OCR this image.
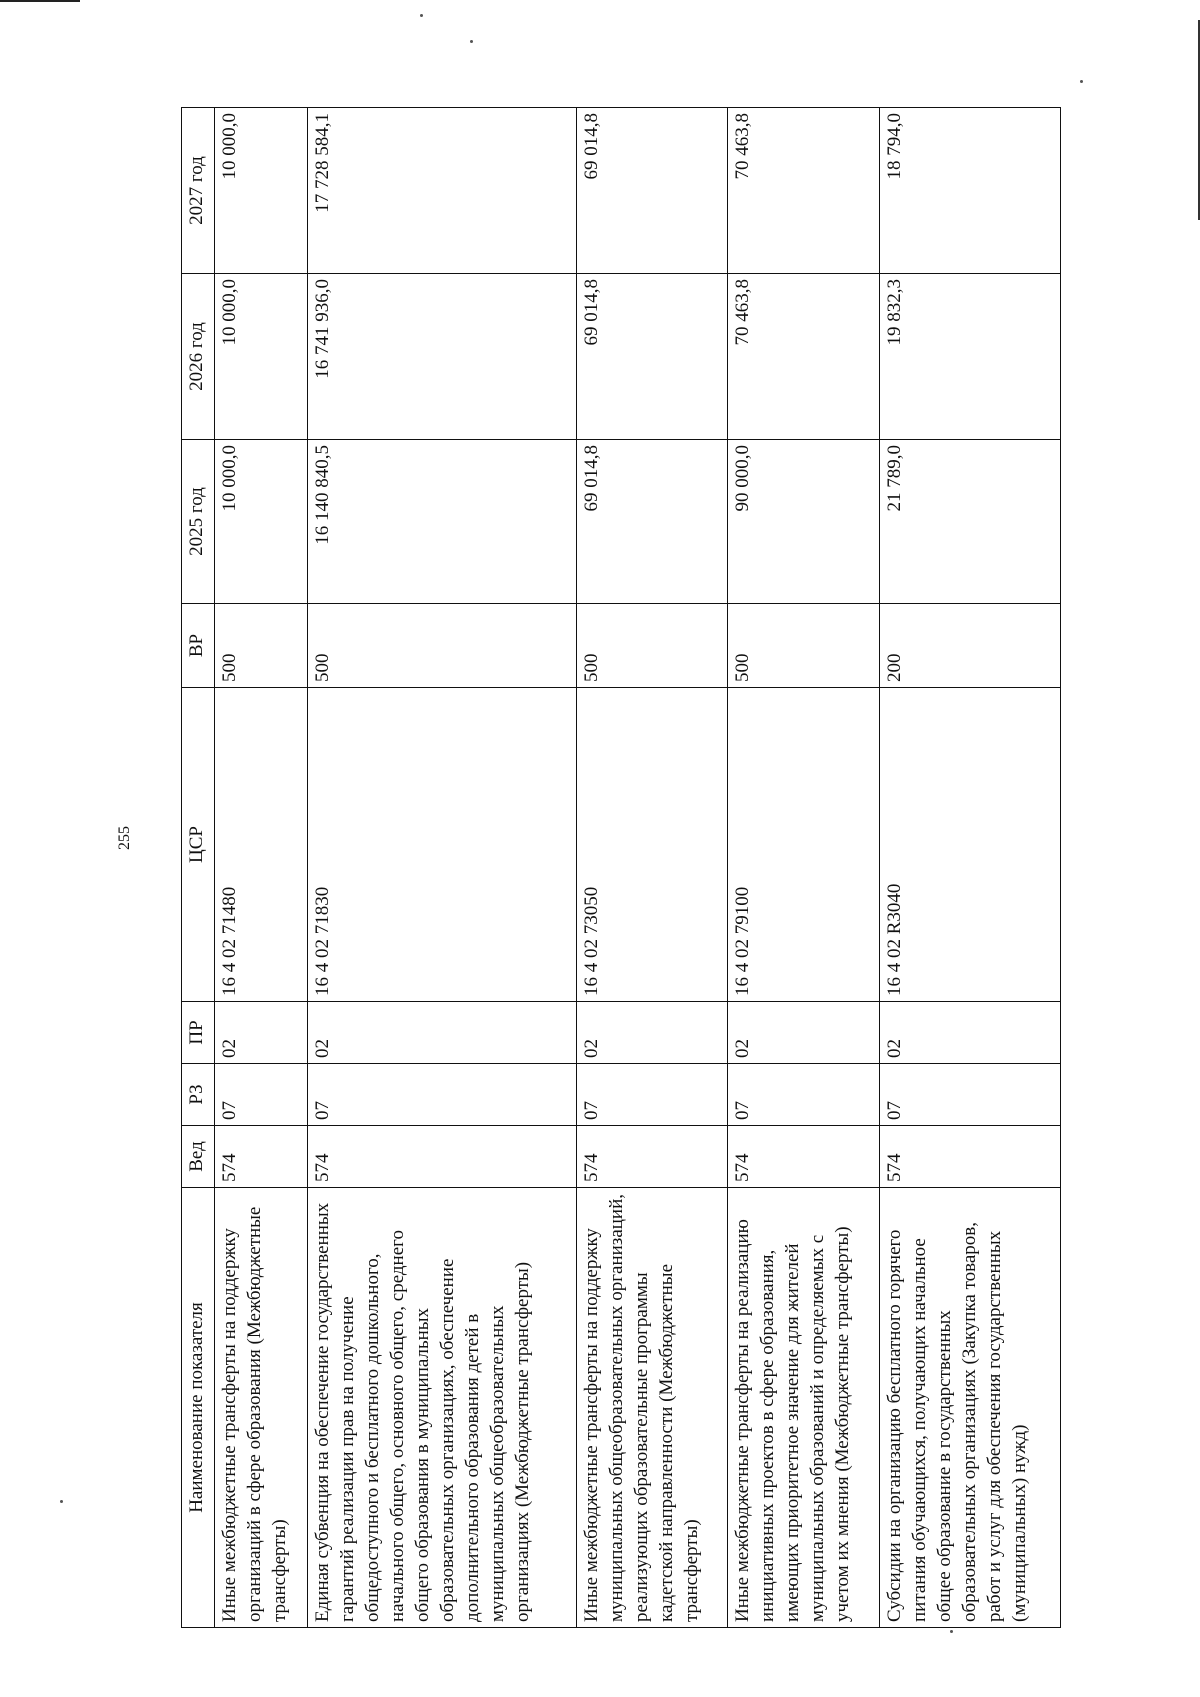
255
Наименование показателя	Вед	РЗ	ПР	ЦСР	ВР	2025 год	2026 год	2027 год
Иные межбюджетные трансферты на поддержку организаций в сфере образования (Межбюджетные трансферты)	574	07	02	16 4 02 71480	500	10 000,0	10 000,0	10 000,0
Единая субвенция на обеспечение государственных гарантий реализации прав на получение общедоступного и бесплатного дошкольного, начального общего, основного общего, среднего общего образования в муниципальных образовательных организациях, обеспечение дополнительного образования детей в муниципальных общеобразовательных организациях (Межбюджетные трансферты)	574	07	02	16 4 02 71830	500	16 140 840,5	16 741 936,0	17 728 584,1
Иные межбюджетные трансферты на поддержку муниципальных общеобразовательных организаций, реализующих образовательные программы кадетской направленности (Межбюджетные трансферты)	574	07	02	16 4 02 73050	500	69 014,8	69 014,8	69 014,8
Иные межбюджетные трансферты на реализацию инициативных проектов в сфере образования, имеющих приоритетное значение для жителей муниципальных образований и определяемых с учетом их мнения (Межбюджетные трансферты)	574	07	02	16 4 02 79100	500	90 000,0	70 463,8	70 463,8
Субсидии на организацию бесплатного горячего питания обучающихся, получающих начальное общее образование в государственных образовательных организациях (Закупка товаров, работ и услуг для обеспечения государственных (муниципальных) нужд)	574	07	02	16 4 02 R3040	200	21 789,0	19 832,3	18 794,0
